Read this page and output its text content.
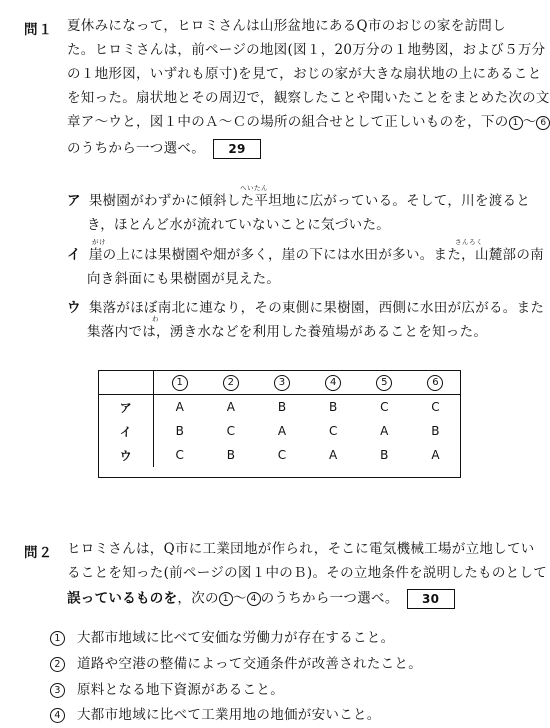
問１ 夏休みになって，ヒロミさんは山形盆地にあるQ市のおじの家を訪問し
た。ヒロミさんは，前ページの地図(図１，20万分の１地勢図，および５万分
の１地形図，いずれも原寸)を見て，おじの家が大きな扇状地の上にあること
を知った。扇状地とその周辺で，観察したことや聞いたことをまとめた次の文
章ア～ウと，図１中のＡ～Ｃの場所の組合せとして正しいものを，下の 1 ～ 6
のうちから一つ選べ。 29
へいたん
ア 果樹園がわずかに傾斜した平坦地に広がっている。そして，川を渡ると
き，ほとんど水が流れていないことに気づいた。
がけ	さんろく
イ 崖の上には果樹園や畑が多く，崖の下には水田が多い。また，山麓部の南
向き斜面にも果樹園が見えた。
ウ 集落がほぼ南北に連なり，その東側に果樹園，西側に水田が広がる。また
わ
集落内では，湧き水などを利用した養殖場があることを知った。
	1	2	3	4	5	6
ア	A	A	B	B	C	C
イ	B	C	A	C	A	B
ウ	C	B	C	A	B	A
問２ ヒロミさんは，Q市に工業団地が作られ，そこに電気機械工場が立地してい
ることを知った(前ページの図１中のＢ)。その立地条件を説明したものとして
誤っているものを，次の 1 ～ 4 のうちから一つ選べ。 30
1 大都市地域に比べて安価な労働力が存在すること。
2 道路や空港の整備によって交通条件が改善されたこと。
3 原料となる地下資源があること。
4 大都市地域に比べて工業用地の地価が安いこと。
